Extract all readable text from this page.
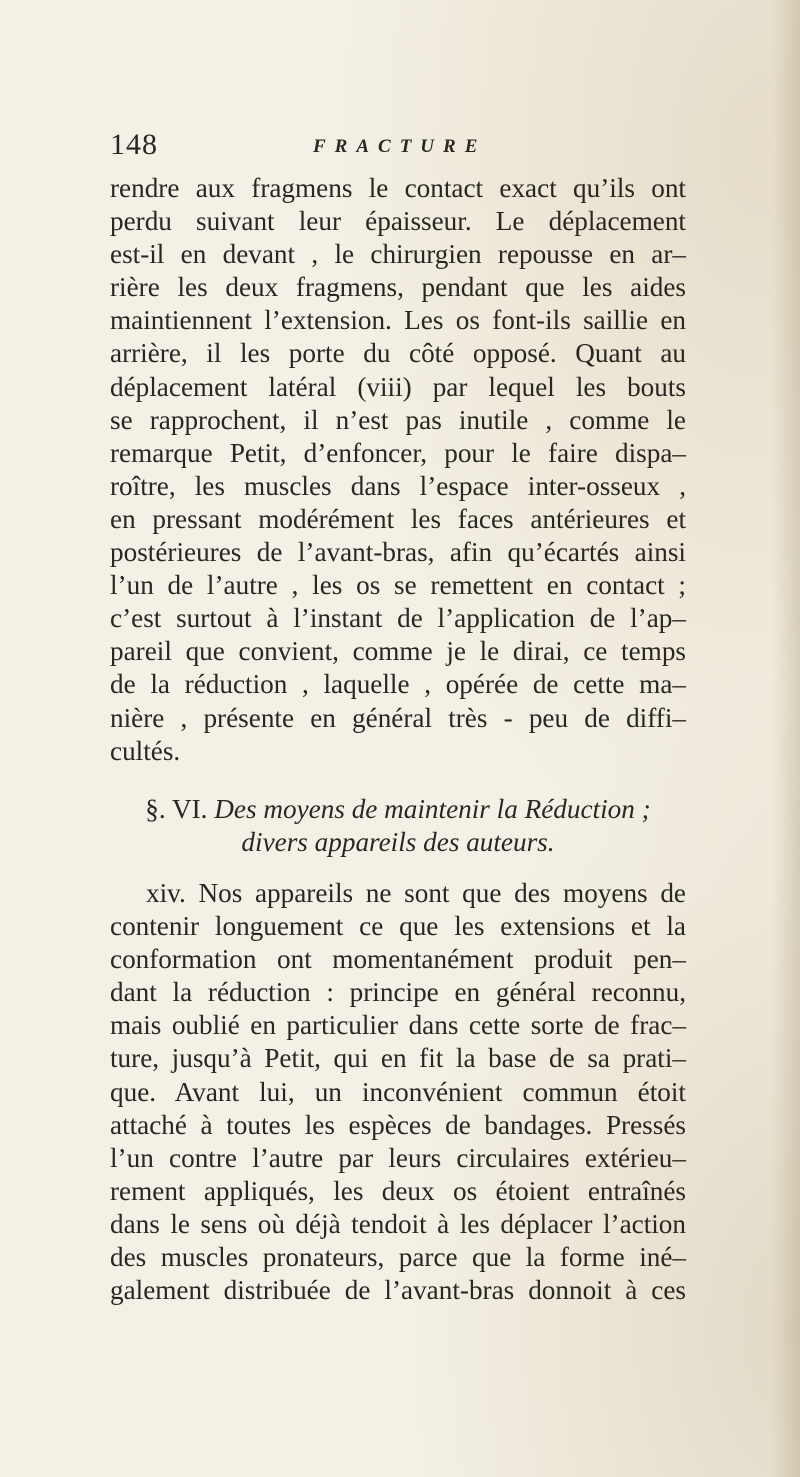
148	FRACTURE
rendre aux fragmens le contact exact qu’ils ont
perdu suivant leur épaisseur. Le déplacement
est-il en devant , le chirurgien repousse en ar–
rière les deux fragmens, pendant que les aides
maintiennent l’extension. Les os font-ils saillie en
arrière, il les porte du côté opposé. Quant au
déplacement latéral (viii) par lequel les bouts
se rapprochent, il n’est pas inutile , comme le
remarque Petit, d’enfoncer, pour le faire dispa–
roître, les muscles dans l’espace inter-osseux ,
en pressant modérément les faces antérieures et
postérieures de l’avant-bras, afin qu’écartés ainsi
l’un de l’autre , les os se remettent en contact ;
c’est surtout à l’instant de l’application de l’ap–
pareil que convient, comme je le dirai, ce temps
de la réduction , laquelle , opérée de cette ma–
nière , présente en général très - peu de diffi–
cultés.
§. VI. Des moyens de maintenir la Réduction ;
divers appareils des auteurs.
xiv. Nos appareils ne sont que des moyens de
contenir longuement ce que les extensions et la
conformation ont momentanément produit pen–
dant la réduction : principe en général reconnu,
mais oublié en particulier dans cette sorte de frac–
ture, jusqu’à Petit, qui en fit la base de sa prati–
que. Avant lui, un inconvénient commun étoit
attaché à toutes les espèces de bandages. Pressés
l’un contre l’autre par leurs circulaires extérieu–
rement appliqués, les deux os étoient entraînés
dans le sens où déjà tendoit à les déplacer l’action
des muscles pronateurs, parce que la forme iné–
galement distribuée de l’avant-bras donnoit à ces
